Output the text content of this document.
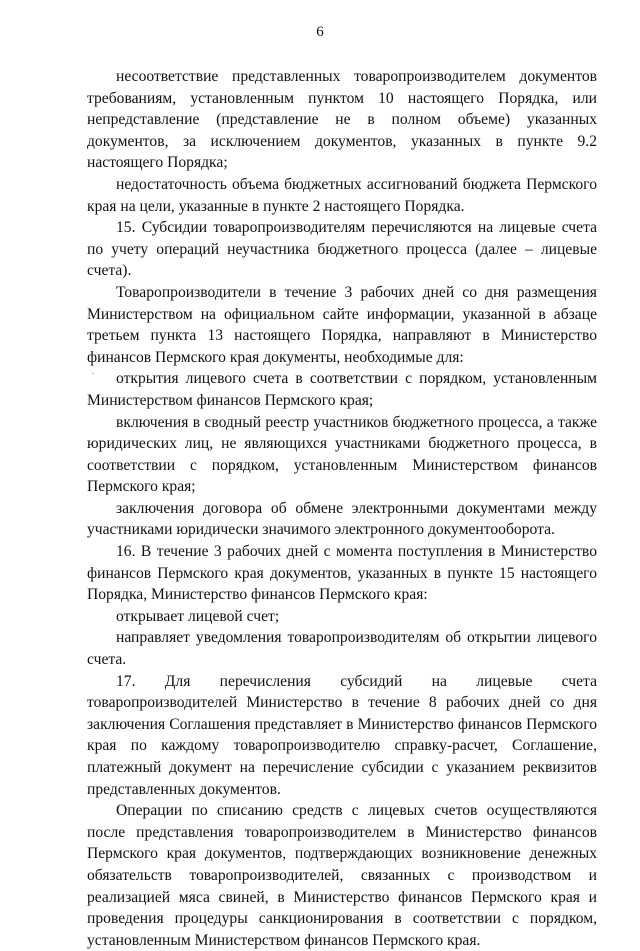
6

несоответствие представленных товаропроизводителем документов требованиям, установленным пунктом 10 настоящего Порядка, или непредставление (представление не в полном объеме) указанных документов, за исключением документов, указанных в пункте 9.2 настоящего Порядка;

недостаточность объема бюджетных ассигнований бюджета Пермского края на цели, указанные в пункте 2 настоящего Порядка.

15. Субсидии товаропроизводителям перечисляются на лицевые счета по учету операций неучастника бюджетного процесса (далее – лицевые счета).

Товаропроизводители в течение 3 рабочих дней со дня размещения Министерством на официальном сайте информации, указанной в абзаце третьем пункта 13 настоящего Порядка, направляют в Министерство финансов Пермского края документы, необходимые для:

открытия лицевого счета в соответствии с порядком, установленным Министерством финансов Пермского края;

включения в сводный реестр участников бюджетного процесса, а также юридических лиц, не являющихся участниками бюджетного процесса, в соответствии с порядком, установленным Министерством финансов Пермского края;

заключения договора об обмене электронными документами между участниками юридически значимого электронного документооборота.

16. В течение 3 рабочих дней с момента поступления в Министерство финансов Пермского края документов, указанных в пункте 15 настоящего Порядка, Министерство финансов Пермского края:

открывает лицевой счет;

направляет уведомления товаропроизводителям об открытии лицевого счета.

17. Для перечисления субсидий на лицевые счета товаропроизводителей Министерство в течение 8 рабочих дней со дня заключения Соглашения представляет в Министерство финансов Пермского края по каждому товаропроизводителю справку-расчет, Соглашение, платежный документ на перечисление субсидии с указанием реквизитов представленных документов.

Операции по списанию средств с лицевых счетов осуществляются после представления товаропроизводителем в Министерство финансов Пермского края документов, подтверждающих возникновение денежных обязательств товаропроизводителей, связанных с производством и реализацией мяса свиней, в Министерство финансов Пермского края и проведения процедуры санкционирования в соответствии с порядком, установленным Министерством финансов Пермского края.
